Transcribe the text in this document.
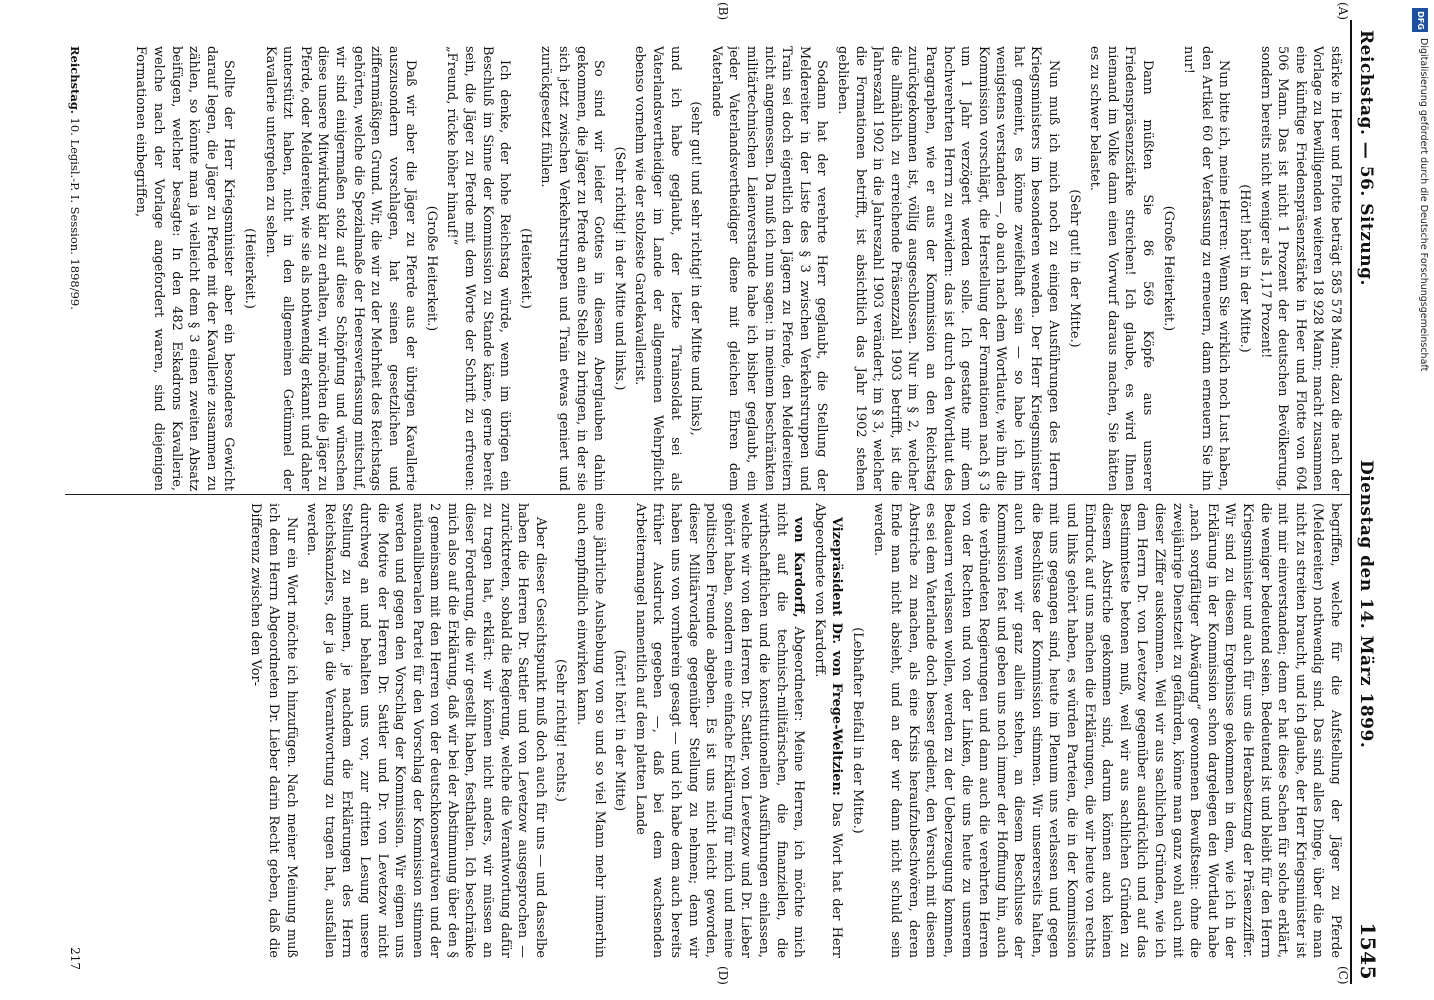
Reichstag. — 56. Sitzung.
Dienstag den 14. März 1899.
1545
(A)
(B)
(C)
(D)

stärke in Heer und Flotte beträgt 585 578 Mann; dazu die nach der Vorlage zu bewilligenden weiteren 18 928 Mann; macht zusammen eine künftige Friedenspräsenzstärke in Heer und Flotte von 604 506 Mann. Das ist nicht 1 Prozent der deutschen Bevölkerung, sondern bereits nicht weniger als 1,17 Prozent!

(Hört! hört! in der Mitte.)

Nun bitte ich, meine Herren: Wenn Sie wirklich noch Lust haben, den Artikel 60 der Verfassung zu erneuern, dann erneuern Sie ihn nur!

(Große Heiterkeit.)

Dann müßten Sie 86 569 Köpfe aus unserer Friedenspräsenzstärke streichen! Ich glaube, es wird Ihnen niemand im Volke dann einen Vorwurf daraus machen, Sie hätten es zu schwer belastet.

(Sehr gut! in der Mitte.)

Nun muß ich mich noch zu einigen Ausführungen des Herrn Kriegsministers im besonderen wenden. Der Herr Kriegsminister hat gemeint, es könne zweifelhaft sein — so habe ich ihn wenigstens verstanden —, ob auch nach dem Wortlaute, wie ihn die Kommission vorschlägt, die Herstellung der Formationen nach § 3 um 1 Jahr verzögert werden solle. Ich gestatte mir dem hochverehrten Herrn zu erwidern: das ist durch den Wortlaut des Paragraphen, wie er aus der Kommission an den Reichstag zurückgekommen ist, völlig ausgeschlossen. Nur im § 2, welcher die allmählich zu erreichende Präsenzzahl 1903 betrifft, ist die Jahreszahl 1902 in die Jahreszahl 1903 verändert; im § 3, welcher die Formationen betrifft, ist absichtlich das Jahr 1902 stehen geblieben.

Sodann hat der verehrte Herr geglaubt, die Stellung der Meldereiter in der Liste des § 3 zwischen Verkehrstruppen und Train sei doch eigentlich den Jägern zu Pferde, den Meldereitern nicht angemessen. Da muß ich nun sagen: in meinem beschränkten militärtechnischen Laienverstande habe ich bisher geglaubt, ein jeder Vaterlandsvertheidiger diene mit gleichen Ehren dem Vaterlande

(sehr gut! und sehr richtig! in der Mitte und links),

und ich habe geglaubt, der letzte Trainsoldat sei als Vaterlandsvertheidiger im Lande der allgemeinen Wehrpflicht ebenso vornehm wie der stolzeste Gardekavallerist.

(Sehr richtig! in der Mitte und links.)

So sind wir leider Gottes in diesem Aberglauben dahin gekommen, die Jäger zu Pferde an eine Stelle zu bringen, in der sie sich jetzt zwischen Verkehrstruppen und Train etwas geniert und zurückgesetzt fühlen.

(Heiterkeit.)

Ich denke, der hohe Reichstag würde, wenn im übrigen ein Beschluß im Sinne der Kommission zu Stande käme, gerne bereit sein, die Jäger zu Pferde mit dem Worte der Schrift zu erfreuen: „Freund, rücke höher hinauf!“

(Große Heiterkeit.)

Daß wir aber die Jäger zu Pferde aus der übrigen Kavallerie auszusondern vorschlagen, hat seinen gesetzlichen und ziffernmäßigen Grund. Wir, die wir zu der Mehrheit des Reichstags gehörten, welche die Spezialmaße der Heeresverfassung mitschuf, wir sind einigermaßen stolz auf diese Schöpfung und wünschen diese unsere Mitwirkung klar zu erhalten, wir möchten die Jäger zu Pferde, oder Meldereiter, wie sie als nothwendig erkannt und daher unterstützt haben, nicht in den allgemeinen Getümmel der Kavallerie untergehen zu sehen.

(Heiterkeit.)

Sollte der Herr Kriegsminister aber ein besonderes Gewicht darauf legen, die Jäger zu Pferde mit der Kavallerie zusammen zu zählen, so könnte man ja vielleicht dem § 3 einen zweiten Absatz beifügen, welcher besagte: In den 482 Eskadrons Kavallerie, welche nach der Vorlage angefordert waren, sind diejenigen Formationen einbegriffen,

begriffen, welche für die Aufstellung der Jäger zu Pferde (Meldereiter) nothwendig sind. Das sind alles Dinge, über die man nicht zu streiten braucht, und ich glaube, der Herr Kriegsminister ist mit mir einverstanden; denn er hat diese Sachen für solche erklärt, die weniger bedeutend seien. Bedeutend ist und bleibt für den Herrn Kriegsminister und auch für uns die Herabsetzung der Präsenzziffer. Wir sind zu diesem Ergebnisse gekommen in dem, wie ich in der Erklärung in der Kommission schon dargelegen den Wortlaut habe „nach sorgfältiger Abwägung“ gewonnenen Bewußtsein: ohne die zweijährige Dienstzeit zu gefährden, könne man ganz wohl auch mit dieser Ziffer auskommen. Weil wir aus sachlichen Gründen, wie ich dem Herrn Dr. von Levetzow gegenüber ausdrücklich und auf das Bestimmteste betonen muß, weil wir aus sachlichen Gründen zu diesem Abstriche gekommen sind, darum können auch keinen Eindruck auf uns machen die Erklärungen, die wir heute von rechts und links gehört haben, es würden Parteien, die in der Kommission mit uns gegangen sind, heute im Plenum uns verlassen und gegen die Beschlüsse der Kommission stimmen. Wir unsererseits halten, auch wenn wir ganz allein stehen, an diesem Beschlusse der Kommission fest und geben uns noch immer der Hoffnung hin, auch die verbündeten Regierungen und dann auch die verehrten Herren von der Rechten und von der Linken, die uns heute zu unserem Bedauern verlassen wollen, werden zu der Ueberzeugung kommen, es sei dem Vaterlande doch besser gedient, den Versuch mit diesem Abstriche zu machen, als eine Krisis heraufzubeschwören, deren Ende man nicht absieht, und an der wir dann nicht schuld sein werden.

(Lebhafter Beifall in der Mitte.)

Vizepräsident Dr. von Frege-Weltzien: Das Wort hat der Herr Abgeordnete von Kardorff.

von Kardorff, Abgeordneter: Meine Herren, ich möchte mich nicht auf die technisch-militärischen, die finanziellen, die wirthschaftlichen und die konstitutionellen Ausführungen einlassen, welche wir von den Herren Dr. Sattler, von Levetzow und Dr. Lieber gehört haben, sondern eine einfache Erklärung für mich und meine politischen Freunde abgeben. Es ist uns nicht leicht geworden, dieser Militärvorlage gegenüber Stellung zu nehmen; denn wir haben uns von vornherein gesagt — und ich habe dem auch bereits früher Ausdruck gegeben —, daß bei dem wachsenden Arbeitermangel namentlich auf dem platten Lande

(hört! hört! in der Mitte)

eine jährliche Aushebung von so und so viel Mann mehr immerhin auch empfindlich einwirken kann.

(Sehr richtig! rechts.)

Aber dieser Gesichtspunkt muß doch auch für uns — und dasselbe haben die Herren Dr. Sattler und von Levetzow ausgesprochen — zurücktreten, sobald die Regierung, welche die Verantwortung dafür zu tragen hat, erklärt: wir können nicht anders, wir müssen an dieser Forderung, die wir gestellt haben, festhalten. Ich beschränke mich also auf die Erklärung, daß wir bei der Abstimmung über den § 2 gemeinsam mit den Herren von der deutschkonservativen und der nationalliberalen Partei für den Vorschlag der Kommission stimmen werden und gegen den Vorschlag der Kommission. Wir eignen uns die Motive der Herren Dr. Sattler und Dr. von Levetzow nicht durchweg an und behalten uns vor, zur dritten Lesung unsere Stellung zu nehmen, je nachdem die Erklärungen des Herrn Reichskanzlers, der ja die Verantwortung zu tragen hat, ausfallen werden.

Nur ein Wort möchte ich hinzufügen. Nach meiner Meinung muß ich dem Herrn Abgeordneten Dr. Lieber darin Recht geben, daß die Differenz zwischen den Vor-

Reichstag. 10. Legisl.-P. I. Session. 1898/99.
217
DFG
Digitalisierung gefördert durch die Deutsche Forschungsgemeinschaft
